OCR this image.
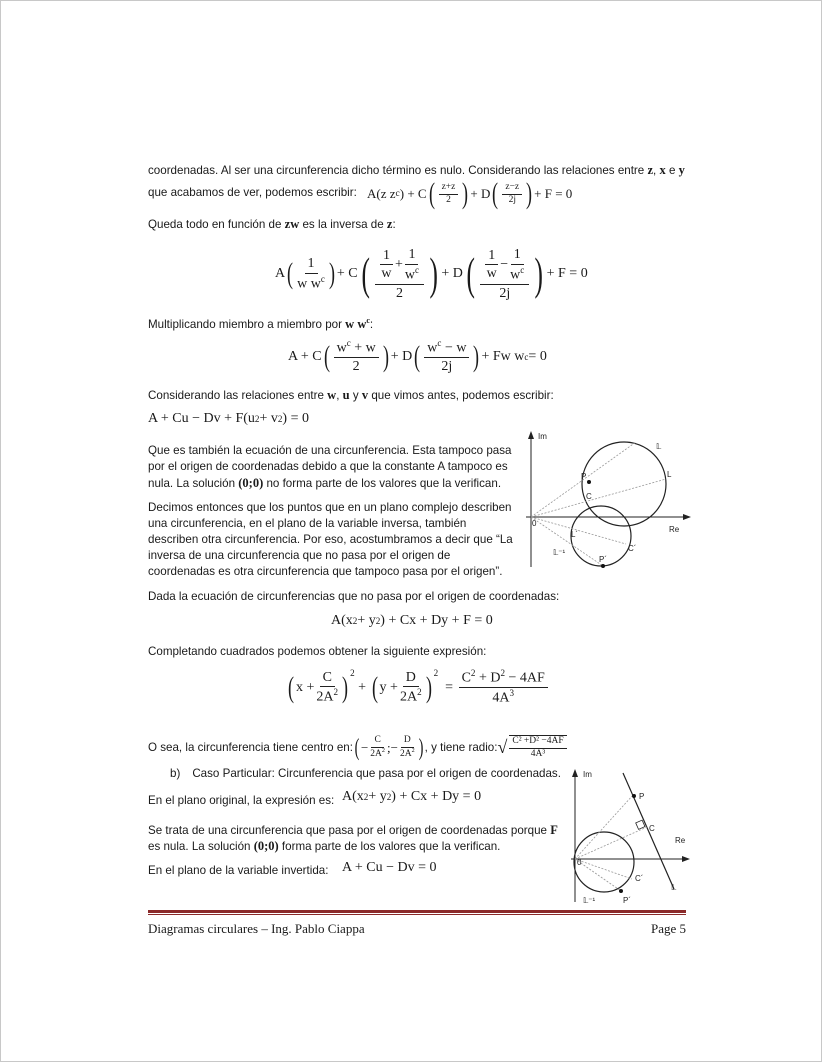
coordenadas. Al ser una circunferencia dicho término es nulo. Considerando las relaciones entre z, x e y
que acabamos de ver, podemos escribir: A(z z c ) + C ( $\frac{z+z}{2}$ ) + D ( $\frac{z-z}{2j}$ ) + F = 0
Queda todo en función de zw es la inversa de z:
A ( $\frac{1}{w w^c}$ ) + C ( $\frac{\frac{1}{w} + \frac{1}{w^c}}{2}$ ) + D ( $\frac{\frac{1}{w} - \frac{1}{w^c}}{2j}$ ) + F = 0
Multiplicando miembro a miembro por w $w^c$:
A + C ( $\frac{w^c + w}{2}$ ) + D ( $\frac{w^c - w}{2j}$ ) + Fw w c = 0
Considerando las relaciones entre w, u y v que vimos antes, podemos escribir:
A + Cu − Dv + F(u 2 + v 2 ) = 0
Que es también la ecuación de una circunferencia. Esta tampoco pasa
por el origen de coordenadas debido a que la constante A tampoco es
nula. La solución (0;0) no forma parte de los valores que la verifican.
Decimos entonces que los puntos que en un plano complejo describen
una circunferencia, en el plano de la variable inversa, también
describen otra circunferencia. Por eso, acostumbramos a decir que “La
inversa de una circunferencia que no pasa por el origen de
coordenadas es otra circunferencia que tampoco pasa por el origen”.
Im
Re
0
P
C
L
𝕃
P´
C´
L´
𝕃⁻¹
Dada la ecuación de circunferencias que no pasa por el origen de coordenadas:
A(x 2 + y 2 ) + Cx + Dy + F = 0
Completando cuadrados podemos obtener la siguiente expresión:
( $x + \frac{C}{2A^2} )^2$
+ ( $y + \frac{D}{2A^2} )^2$

=
$\frac{C^2 + D^2 - 4AF}{4A^3}$
O sea, la circunferencia tiene centro en: ( − $\frac{C}{2A^2}$ ; − $\frac{D}{2A^2}$ ) , y tiene radio: √ $\frac{\text{C² +D² −4AF}}{\text{4A³}}$
b) Caso Particular: Circunferencia que pasa por el origen de coordenadas.
En el plano original, la expresión es: A(x 2 + y 2 ) + Cx + Dy = 0
Se trata de una circunferencia que pasa por el origen de coordenadas porque F
es nula. La solución (0;0) forma parte de los valores que la verifican.
En el plano de la variable invertida: A + Cu − Dv = 0
Im
Re
0
P
C
𝕃
P´
C´
𝕃⁻¹
Diagramas circulares – Ing. Pablo Ciappa	Page 5
